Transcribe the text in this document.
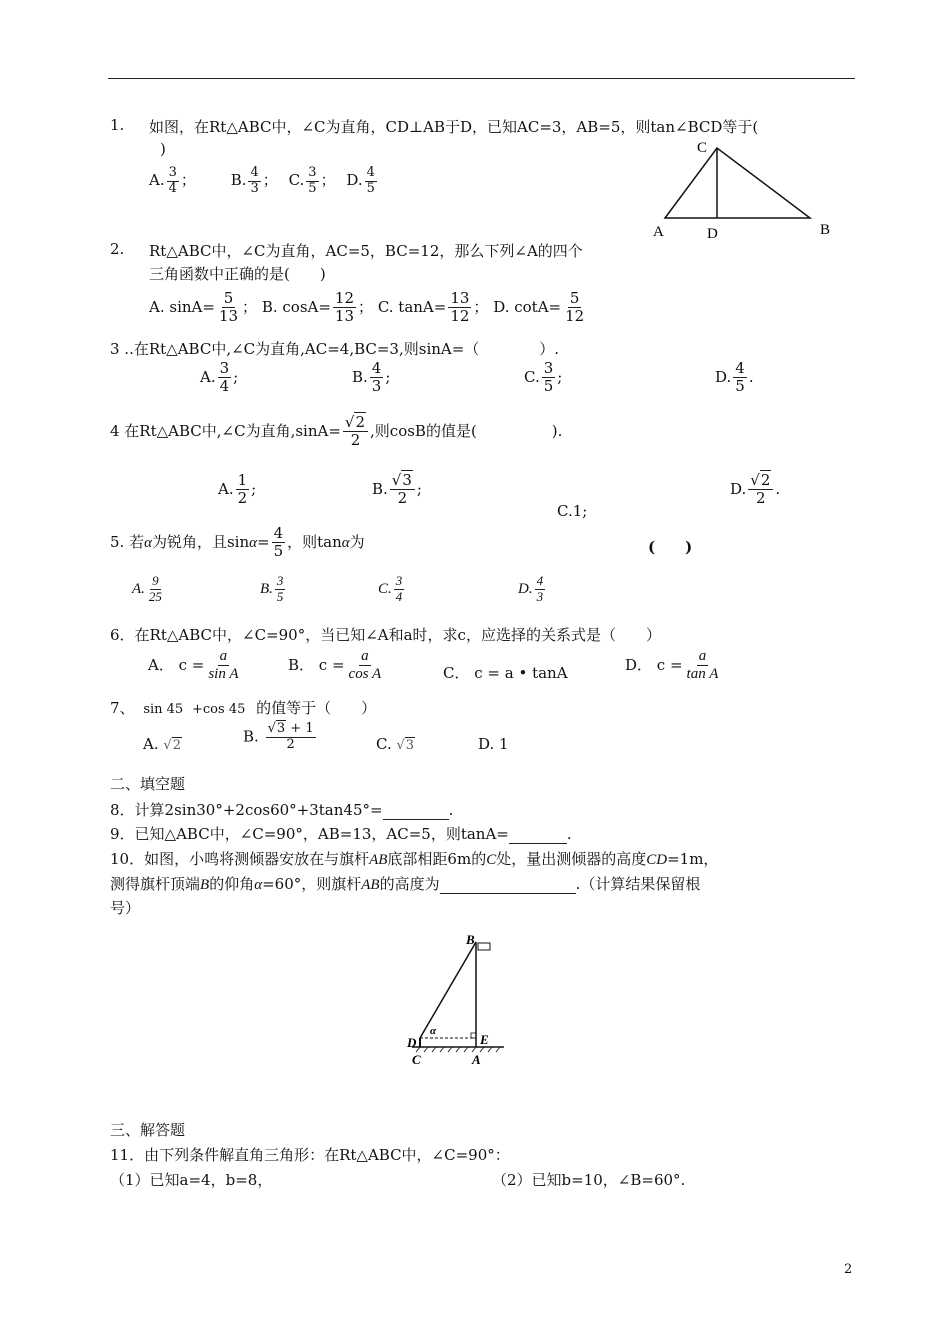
1. 如图，在Rt△ABC中，∠C为直角，CD⊥AB于D，已知AC=3，AB=5，则tan∠BCD等于(
)
A. $\frac{3}{4}$ ； B. $\frac{4}{3}$ ； C. $\frac{3}{5}$ ； D. $\frac{4}{5}$
C
A	D	B
2. Rt△ABC中，∠C为直角，AC=5，BC=12，那么下列∠A的四个
三角函数中正确的是(　　)
A. $\sin A= \frac{5}{13}$ ； B. $\cos A= \frac{12}{13}$ ； C. $\tan A= \frac{13}{12}$ ； D. $\cot A= \frac{5}{12}$
3 ..在Rt△ABC中,∠C为直角,AC=4,BC=3,则sinA=（　　　　）.
A. $\frac{3}{4}$ ;	B. $\frac{4}{3}$ ;	C. $\frac{3}{5}$ ;	D. $\frac{4}{5}$ .
4 在Rt△ABC中,∠C为直角$,\sin A= \frac{√2}{2}$ ,则cosB的值是(　　　　　).
A. $\frac{1}{2}$ ;	B. $\frac{√3}{2}$ ;
C.1;
D. $\frac{√2}{2}$ .
5. 若α为锐角，且$\sin\alpha= \frac{4}{5}$ ，则tanα为	(　　)
A. $\frac{9}{25}$	B. $\frac{3}{5}$	C. $\frac{3}{4}$	D. $\frac{4}{3}$
6．在Rt△ABC中，∠C=90°，当已知∠A和a时，求c，应选择的关系式是（　　）
A． $c = \frac{a}{\text{sin A}}$	B． $c = \frac{a}{\text{cos A}}$	C． c = a • tanA	D． $c = \frac{a}{\text{tan A}}$
7、 sin 45 +cos 45 的值等于（　　）
A. √2
B. $\frac{√3 + 1}{2}$	C. √3	D. 1
二、填空题
8．计算2sin30°+2cos60°+3tan45°=	.
9．已知△ABC中，∠C=90°，AB=13，AC=5，则tanA=	.
10．如图，小鸣将测倾器安放在与旗杆AB底部相距6m的C处，量出测倾器的高度CD=1m，
测得旗杆顶端B的仰角α=60°，则旗杆AB的高度为	.（计算结果保留根
号）
B
D
α
E
C	A
三、解答题
11．由下列条件解直角三角形：在Rt△ABC中，∠C=90°：
（1）已知a=4，b=8，	（2）已知b=10，∠B=60°.
2
